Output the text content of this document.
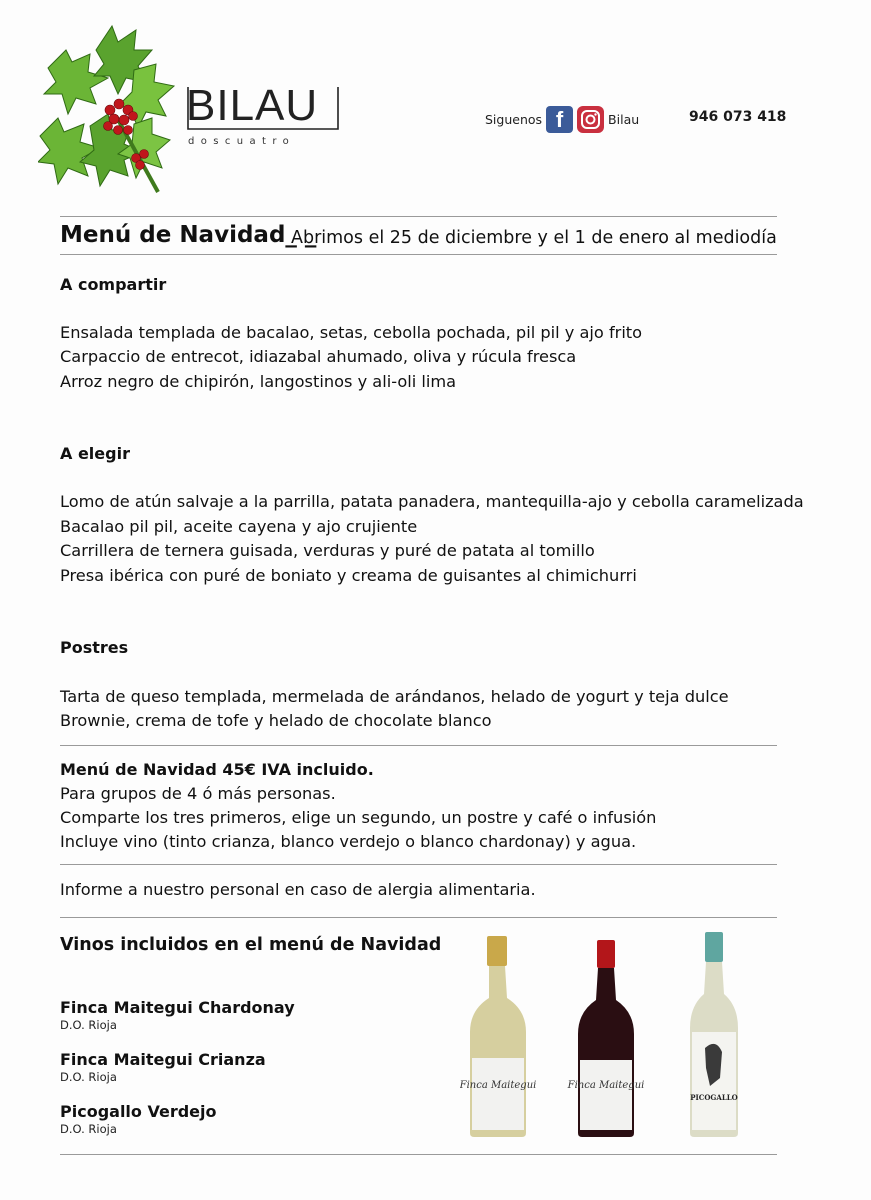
BILAU
doscuatro
Siguenos f	Bilau	946 073 418
Menú de Navidad_ _
Abrimos el 25 de diciembre y el 1 de enero al mediodía
A compartir
Ensalada templada de bacalao, setas, cebolla pochada, pil pil y ajo frito
Carpaccio de entrecot, idiazabal ahumado, oliva y rúcula fresca
Arroz negro de chipirón, langostinos y ali-oli lima
A elegir
Lomo de atún salvaje a la parrilla, patata panadera, mantequilla-ajo y cebolla caramelizada
Bacalao pil pil, aceite cayena y ajo crujiente
Carrillera de ternera guisada, verduras y puré de patata al tomillo
Presa ibérica con puré de boniato y creama de guisantes al chimichurri
Postres
Tarta de queso templada, mermelada de arándanos, helado de yogurt y teja dulce
Brownie, crema de tofe y helado de chocolate blanco
Menú de Navidad 45€ IVA incluido.
Para grupos de 4 ó más personas.
Comparte los tres primeros, elige un segundo, un postre y café o infusión
Incluye vino (tinto crianza, blanco verdejo o blanco chardonay) y agua.
Informe a nuestro personal en caso de alergia alimentaria.
Vinos incluidos en el menú de Navidad
Finca Maitegui Chardonay
D.O. Rioja
Finca Maitegui Crianza
D.O. Rioja
Picogallo Verdejo
D.O. Rioja
Finca Maitegui	Finca Maitegui
PICOGALLO
